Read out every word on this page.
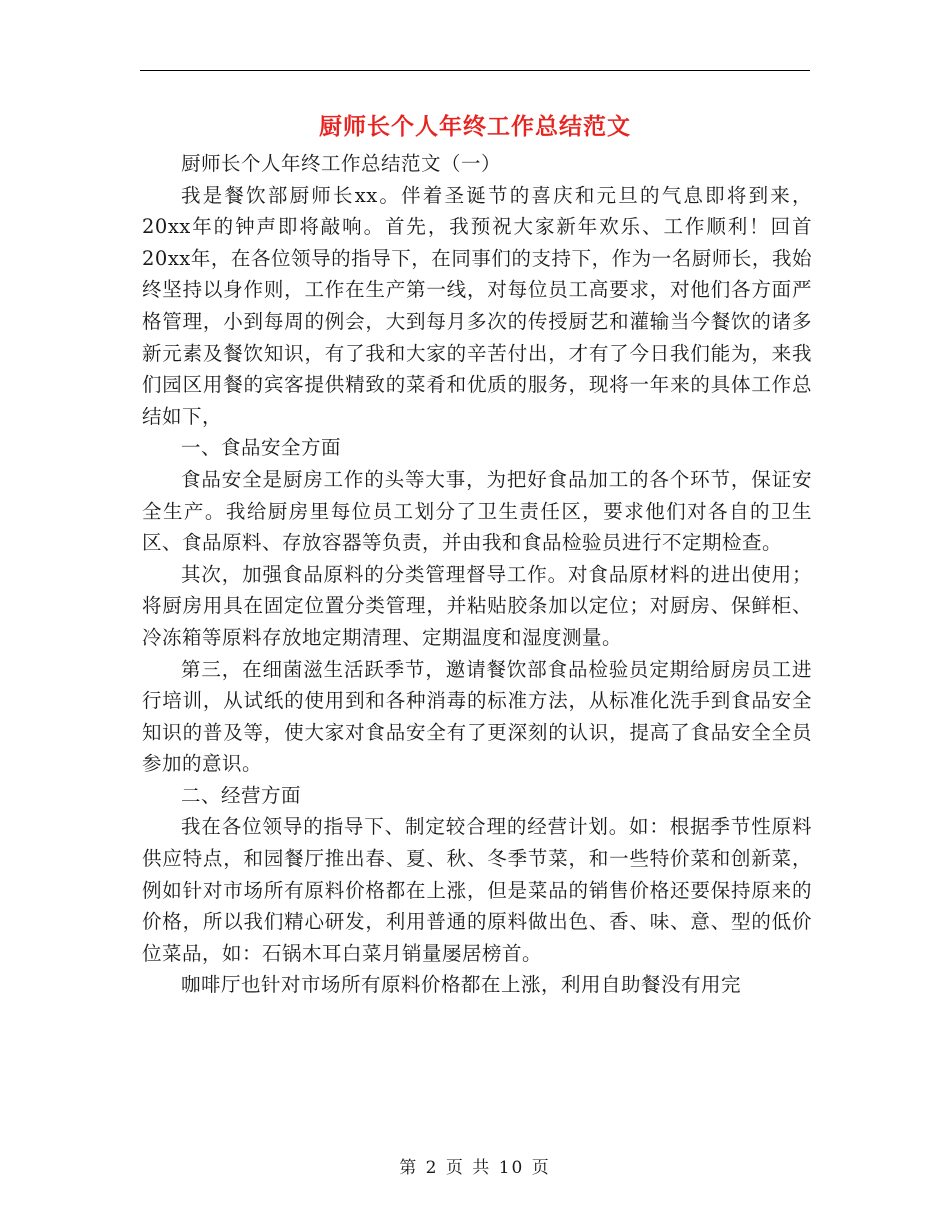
厨师长个人年终工作总结范文

厨师长个人年终工作总结范文（一）

我是餐饮部厨师长xx。伴着圣诞节的喜庆和元旦的气息即将到来，20xx年的钟声即将敲响。首先，我预祝大家新年欢乐、工作顺利！回首20xx年，在各位领导的指导下，在同事们的支持下，作为一名厨师长，我始终坚持以身作则，工作在生产第一线，对每位员工高要求，对他们各方面严格管理，小到每周的例会，大到每月多次的传授厨艺和灌输当今餐饮的诸多新元素及餐饮知识，有了我和大家的辛苦付出，才有了今日我们能为，来我们园区用餐的宾客提供精致的菜肴和优质的服务，现将一年来的具体工作总结如下，

一、食品安全方面

食品安全是厨房工作的头等大事，为把好食品加工的各个环节，保证安全生产。我给厨房里每位员工划分了卫生责任区，要求他们对各自的卫生区、食品原料、存放容器等负责，并由我和食品检验员进行不定期检查。

其次，加强食品原料的分类管理督导工作。对食品原材料的进出使用；将厨房用具在固定位置分类管理，并粘贴胶条加以定位；对厨房、保鲜柜、冷冻箱等原料存放地定期清理、定期温度和湿度测量。

第三，在细菌滋生活跃季节，邀请餐饮部食品检验员定期给厨房员工进行培训，从试纸的使用到和各种消毒的标准方法，从标准化洗手到食品安全知识的普及等，使大家对食品安全有了更深刻的认识，提高了食品安全全员参加的意识。

二、经营方面

我在各位领导的指导下、制定较合理的经营计划。如：根据季节性原料供应特点，和园餐厅推出春、夏、秋、冬季节菜，和一些特价菜和创新菜，例如针对市场所有原料价格都在上涨，但是菜品的销售价格还要保持原来的价格，所以我们精心研发，利用普通的原料做出色、香、味、意、型的低价位菜品，如：石锅木耳白菜月销量屡居榜首。

咖啡厅也针对市场所有原料价格都在上涨，利用自助餐没有用完

第 2 页 共 10 页
